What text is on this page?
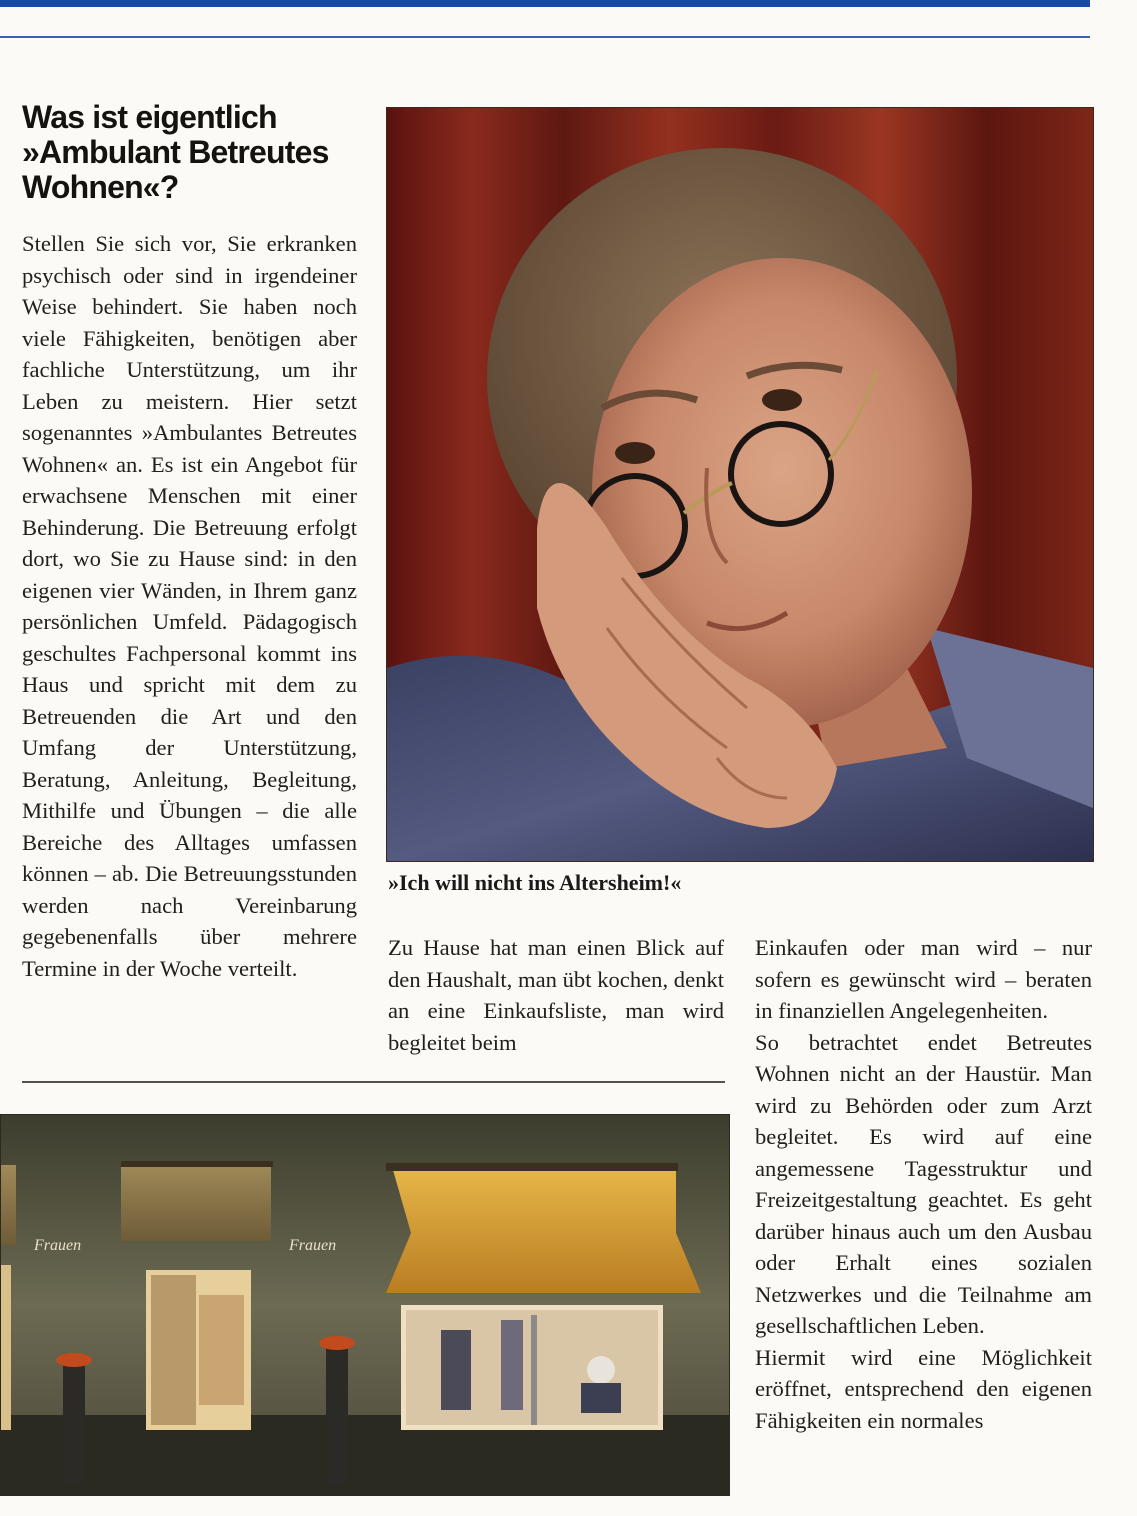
Was ist eigentlich
»Ambulant Betreutes
Wohnen«?

Stellen Sie sich vor, Sie erkranken psychisch oder sind in irgendeiner Weise behindert. Sie haben noch viele Fähigkeiten, benötigen aber fachliche Unterstützung, um ihr Leben zu meistern. Hier setzt sogenanntes »Ambulantes Betreutes Wohnen« an. Es ist ein Angebot für erwachsene Menschen mit einer Behinderung. Die Betreuung erfolgt dort, wo Sie zu Hause sind: in den eigenen vier Wänden, in Ihrem ganz persönlichen Umfeld. Pädagogisch geschultes Fachpersonal kommt ins Haus und spricht mit dem zu Betreuenden die Art und den Umfang der Unterstützung, Beratung, Anleitung, Begleitung, Mithilfe und Übungen – die alle Bereiche des Alltages umfassen können – ab. Die Betreuungsstunden werden nach Vereinbarung gegebenenfalls über mehrere Termine in der Woche verteilt.

»Ich will nicht ins Altersheim!«

Zu Hause hat man einen Blick auf den Haushalt, man übt kochen, denkt an eine Einkaufsliste, man wird begleitet beim

Einkaufen oder man wird – nur sofern es gewünscht wird – beraten in finanziellen Angelegenheiten.

So betrachtet endet Betreutes Wohnen nicht an der Haustür. Man wird zu Behörden oder zum Arzt begleitet. Es wird auf eine angemessene Tagesstruktur und Freizeitgestaltung geachtet. Es geht darüber hinaus auch um den Ausbau oder Erhalt eines sozialen Netzwerkes und die Teilnahme am gesellschaftlichen Leben.

Hiermit wird eine Möglichkeit eröffnet, entsprechend den eigenen Fähigkeiten ein normales

Frauen	Frauen
